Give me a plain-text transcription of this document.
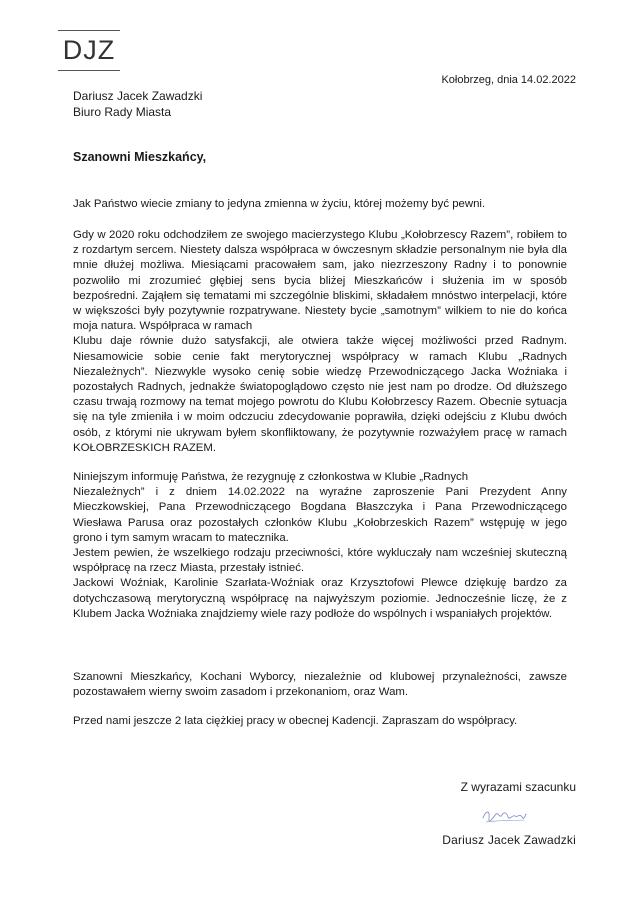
DJZ
Kołobrzeg, dnia 14.02.2022
Dariusz Jacek Zawadzki
Biuro Rady Miasta
Szanowni Mieszkańcy,

Jak Państwo wiecie zmiany to jedyna zmienna w życiu, której możemy być pewni.

Gdy w 2020 roku odchodziłem ze swojego macierzystego Klubu „Kołobrzescy Razem”, robiłem to z rozdartym sercem. Niestety dalsza współpraca w ówczesnym składzie personalnym nie była dla mnie dłużej możliwa. Miesiącami pracowałem sam, jako niezrzeszony Radny i to ponownie pozwoliło mi zrozumieć głębiej sens bycia bliżej Mieszkańców i służenia im w sposób bezpośredni. Zająłem się tematami mi szczególnie bliskimi, składałem mnóstwo interpelacji, które w większości były pozytywnie rozpatrywane. Niestety bycie „samotnym” wilkiem to nie do końca moja natura. Współpraca w ramach

Klubu daje równie dużo satysfakcji, ale otwiera także więcej możliwości przed Radnym. Niesamowicie sobie cenie fakt merytorycznej współpracy w ramach Klubu „Radnych Niezależnych”. Niezwykle wysoko cenię sobie wiedzę Przewodniczącego Jacka Woźniaka i pozostałych Radnych, jednakże światopoglądowo często nie jest nam po drodze. Od dłuższego czasu trwają rozmowy na temat mojego powrotu do Klubu Kołobrzescy Razem. Obecnie sytuacja się na tyle zmieniła i w moim odczuciu zdecydowanie poprawiła, dzięki odejściu z Klubu dwóch osób, z którymi nie ukrywam byłem skonfliktowany, że pozytywnie rozważyłem pracę w ramach KOŁOBRZESKICH RAZEM.

Niniejszym informuję Państwa, że rezygnuję z członkostwa w Klubie „Radnych

Niezależnych” i z dniem 14.02.2022 na wyraźne zaproszenie Pani Prezydent Anny Mieczkowskiej, Pana Przewodniczącego Bogdana Błaszczyka i Pana Przewodniczącego Wiesława Parusa oraz pozostałych członków Klubu „Kołobrzeskich Razem” wstępuję w jego grono i tym samym wracam to matecznika.

Jestem pewien, że wszelkiego rodzaju przeciwności, które wykluczały nam wcześniej skuteczną współpracę na rzecz Miasta, przestały istnieć.

Jackowi Woźniak, Karolinie Szarłata-Woźniak oraz Krzysztofowi Plewce dziękuję bardzo za dotychczasową merytoryczną współpracę na najwyższym poziomie. Jednocześnie liczę, że z Klubem Jacka Woźniaka znajdziemy wiele razy podłoże do wspólnych i wspaniałych projektów.

Szanowni Mieszkańcy, Kochani Wyborcy, niezależnie od klubowej przynależności, zawsze pozostawałem wierny swoim zasadom i przekonaniom, oraz Wam.

Przed nami jeszcze 2 lata ciężkiej pracy w obecnej Kadencji. Zapraszam do współpracy.

Z wyrazami szacunku
Dariusz Jacek Zawadzki
